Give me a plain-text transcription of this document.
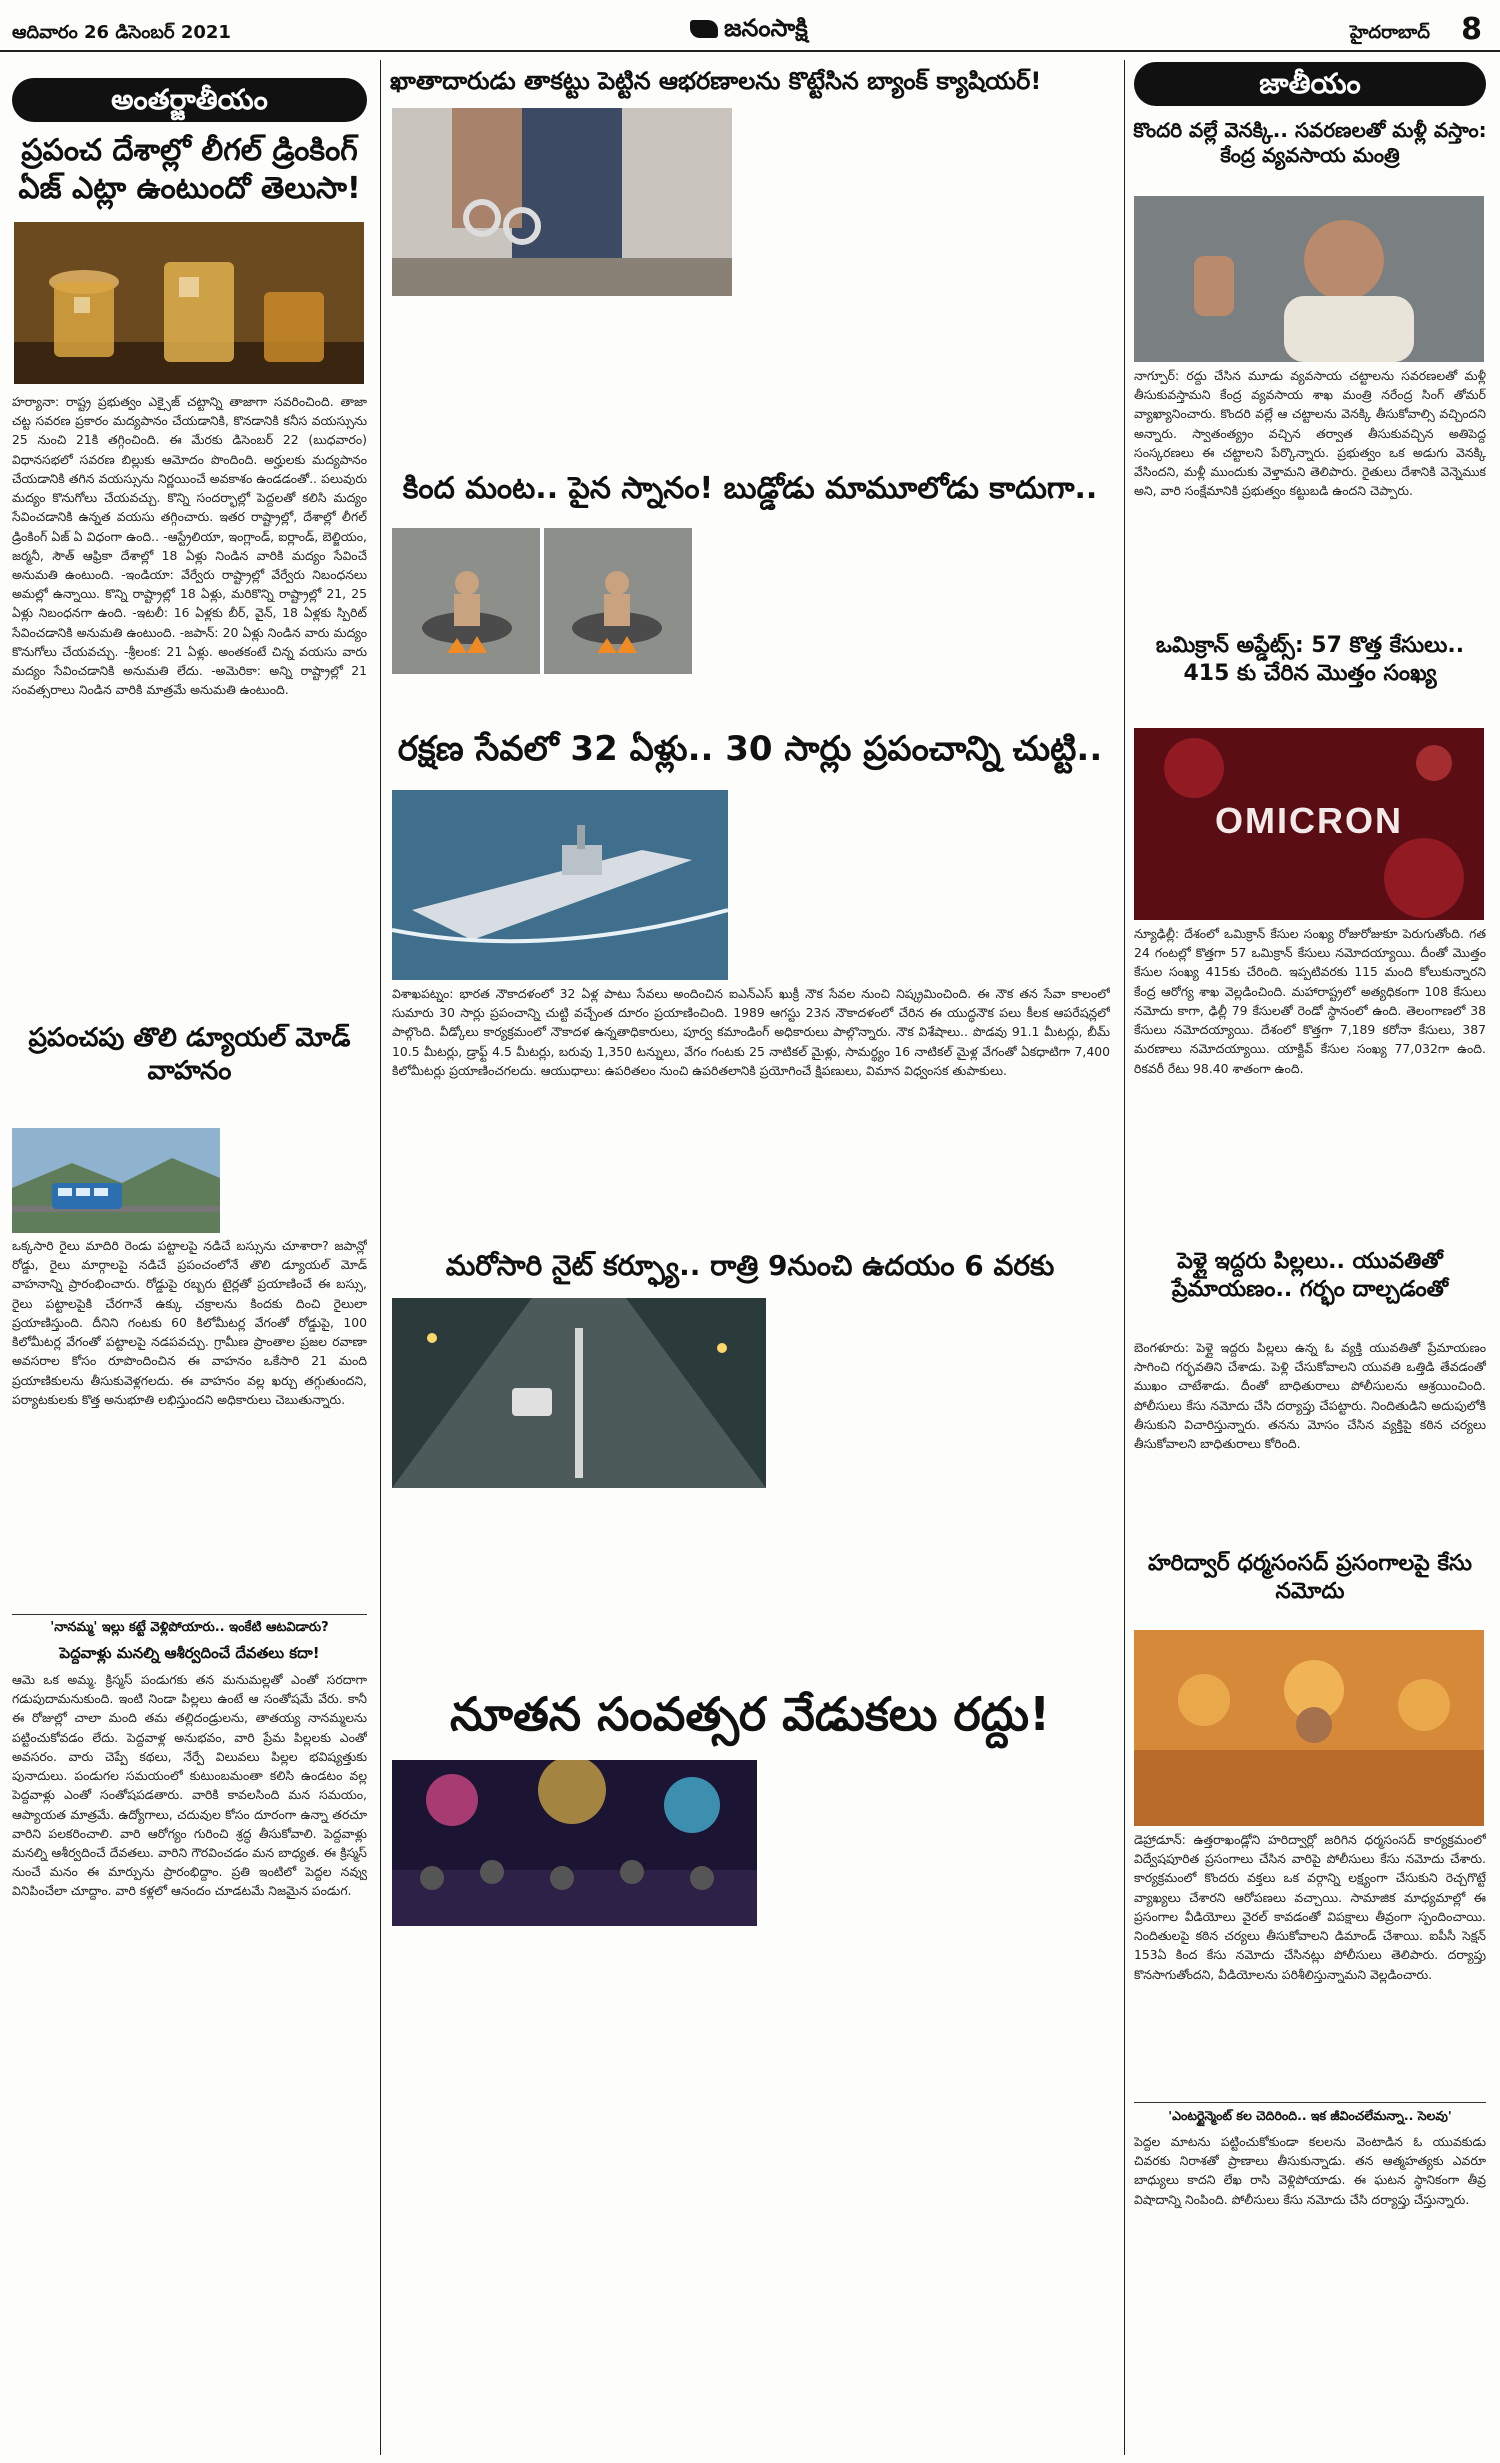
ఆదివారం 26 డిసెంబర్ 2021	జనంసాక్షి	హైదరాబాద్ 8
అంతర్జాతీయం
ప్రపంచ దేశాల్లో లీగల్ డ్రింకింగ్ ఏజ్ ఎట్లా ఉంటుందో తెలుసా!
హర్యానా: రాష్ట్ర ప్రభుత్వం ఎక్సైజ్ చట్టాన్ని తాజాగా సవరించింది. తాజా చట్ట సవరణ ప్రకారం మద్యపానం చేయడానికి, కొనడానికి కనీస వయస్సును 25 నుంచి 21కి తగ్గించింది. ఈ మేరకు డిసెంబర్ 22 (బుధవారం) విధానసభలో సవరణ బిల్లుకు ఆమోదం పొందింది. అర్హులకు మద్యపానం చేయడానికి తగిన వయస్సును నిర్ణయించే అవకాశం ఉండడంతో.. పలువురు మద్యం కొనుగోలు చేయవచ్చు. కొన్ని సందర్భాల్లో పెద్దలతో కలిసి మద్యం సేవించడానికి ఉన్నత వయసు తగ్గించారు. ఇతర రాష్ట్రాల్లో, దేశాల్లో లీగల్ డ్రింకింగ్ ఏజ్ ఏ విధంగా ఉంది.. -ఆస్ట్రేలియా, ఇంగ్లాండ్, ఐర్లాండ్, బెల్జియం, జర్మనీ, సౌత్ ఆఫ్రికా దేశాల్లో 18 ఏళ్లు నిండిన వారికి మద్యం సేవించే అనుమతి ఉంటుంది. -ఇండియా: వేర్వేరు రాష్ట్రాల్లో వేర్వేరు నిబంధనలు అమల్లో ఉన్నాయి. కొన్ని రాష్ట్రాల్లో 18 ఏళ్లు, మరికొన్ని రాష్ట్రాల్లో 21, 25 ఏళ్లు నిబంధనగా ఉంది. -ఇటలీ: 16 ఏళ్లకు బీర్, వైన్, 18 ఏళ్లకు స్పిరిట్ సేవించడానికి అనుమతి ఉంటుంది. -జపాన్: 20 ఏళ్లు నిండిన వారు మద్యం కొనుగోలు చేయవచ్చు. -శ్రీలంక: 21 ఏళ్లు. అంతకంటే చిన్న వయసు వారు మద్యం సేవించడానికి అనుమతి లేదు. -అమెరికా: అన్ని రాష్ట్రాల్లో 21 సంవత్సరాలు నిండిన వారికి మాత్రమే అనుమతి ఉంటుంది.
ప్రపంచపు తొలి డ్యూయల్ మోడ్ వాహనం
ఒక్కసారి రైలు మాదిరి రెండు పట్టాలపై నడిచే బస్సును చూశారా? జపాన్లో రోడ్డు, రైలు మార్గాలపై నడిచే ప్రపంచంలోనే తొలి డ్యూయల్ మోడ్ వాహనాన్ని ప్రారంభించారు. రోడ్డుపై రబ్బరు టైర్లతో ప్రయాణించే ఈ బస్సు, రైలు పట్టాలపైకి చేరగానే ఉక్కు చక్రాలను కిందకు దించి రైలులా ప్రయాణిస్తుంది. దీనిని గంటకు 60 కిలోమీటర్ల వేగంతో రోడ్డుపై, 100 కిలోమీటర్ల వేగంతో పట్టాలపై నడపవచ్చు. గ్రామీణ ప్రాంతాల ప్రజల రవాణా అవసరాల కోసం రూపొందించిన ఈ వాహనం ఒకేసారి 21 మంది ప్రయాణికులను తీసుకువెళ్లగలదు. ఈ వాహనం వల్ల ఖర్చు తగ్గుతుందని, పర్యాటకులకు కొత్త అనుభూతి లభిస్తుందని అధికారులు చెబుతున్నారు.
'నానమ్మ' ఇల్లు కట్టే వెళ్లిపోయారు.. ఇంకేటి ఆటవిడారు?
పెద్దవాళ్లు మనల్ని ఆశీర్వదించే దేవతలు కదా!
ఆమె ఒక అమ్మ. క్రిస్మస్ పండుగకు తన మనుమల్లతో ఎంతో సరదాగా గడుపుదామనుకుంది. ఇంటి నిండా పిల్లలు ఉంటే ఆ సంతోషమే వేరు. కానీ ఈ రోజుల్లో చాలా మంది తమ తల్లిదండ్రులను, తాతయ్య నానమ్మలను పట్టించుకోవడం లేదు. పెద్దవాళ్ల అనుభవం, వారి ప్రేమ పిల్లలకు ఎంతో అవసరం. వారు చెప్పే కథలు, నేర్పే విలువలు పిల్లల భవిష్యత్తుకు పునాదులు. పండుగల సమయంలో కుటుంబమంతా కలిసి ఉండటం వల్ల పెద్దవాళ్లు ఎంతో సంతోషపడతారు. వారికి కావలసింది మన సమయం, ఆప్యాయత మాత్రమే. ఉద్యోగాలు, చదువుల కోసం దూరంగా ఉన్నా తరచూ వారిని పలకరించాలి. వారి ఆరోగ్యం గురించి శ్రద్ధ తీసుకోవాలి. పెద్దవాళ్లు మనల్ని ఆశీర్వదించే దేవతలు. వారిని గౌరవించడం మన బాధ్యత. ఈ క్రిస్మస్ నుంచే మనం ఈ మార్పును ప్రారంభిద్దాం. ప్రతి ఇంటిలో పెద్దల నవ్వు వినిపించేలా చూద్దాం. వారి కళ్లలో ఆనందం చూడటమే నిజమైన పండుగ.
ఖాతాదారుడు తాకట్టు పెట్టిన ఆభరణాలను కొట్టేసిన బ్యాంక్ క్యాషియర్!
కింద మంట.. పైన స్నానం! బుడ్డోడు మామూలోడు కాదుగా..
రక్షణ సేవలో 32 ఏళ్లు.. 30 సార్లు ప్రపంచాన్ని చుట్టి..
విశాఖపట్నం: భారత నౌకాదళంలో 32 ఏళ్ల పాటు సేవలు అందించిన ఐఎన్ఎస్ ఖుక్రీ నౌక సేవల నుంచి నిష్క్రమించింది. ఈ నౌక తన సేవా కాలంలో సుమారు 30 సార్లు ప్రపంచాన్ని చుట్టి వచ్చేంత దూరం ప్రయాణించింది. 1989 ఆగస్టు 23న నౌకాదళంలో చేరిన ఈ యుద్ధనౌక పలు కీలక ఆపరేషన్లలో పాల్గొంది. వీడ్కోలు కార్యక్రమంలో నౌకాదళ ఉన్నతాధికారులు, పూర్వ కమాండింగ్ అధికారులు పాల్గొన్నారు. నౌక విశేషాలు.. పొడవు 91.1 మీటర్లు, బీమ్ 10.5 మీటర్లు, డ్రాఫ్ట్ 4.5 మీటర్లు, బరువు 1,350 టన్నులు, వేగం గంటకు 25 నాటికల్ మైళ్లు, సామర్థ్యం 16 నాటికల్ మైళ్ల వేగంతో ఏకధాటిగా 7,400 కిలోమీటర్లు ప్రయాణించగలదు. ఆయుధాలు: ఉపరితలం నుంచి ఉపరితలానికి ప్రయోగించే క్షిపణులు, విమాన విధ్వంసక తుపాకులు.
మరోసారి నైట్ కర్ఫ్యూ.. రాత్రి 9నుంచి ఉదయం 6 వరకు
నూతన సంవత్సర వేడుకలు రద్దు!
జాతీయం
కొందరి వల్లే వెనక్కి.. సవరణలతో మళ్లీ వస్తాం: కేంద్ర వ్యవసాయ మంత్రి
నాగ్పూర్: రద్దు చేసిన మూడు వ్యవసాయ చట్టాలను సవరణలతో మళ్లీ తీసుకువస్తామని కేంద్ర వ్యవసాయ శాఖ మంత్రి నరేంద్ర సింగ్ తోమర్ వ్యాఖ్యానించారు. కొందరి వల్లే ఆ చట్టాలను వెనక్కి తీసుకోవాల్సి వచ్చిందని అన్నారు. స్వాతంత్య్రం వచ్చిన తర్వాత తీసుకువచ్చిన అతిపెద్ద సంస్కరణలు ఈ చట్టాలని పేర్కొన్నారు. ప్రభుత్వం ఒక అడుగు వెనక్కి వేసిందని, మళ్లీ ముందుకు వెళ్తామని తెలిపారు. రైతులు దేశానికి వెన్నెముక అని, వారి సంక్షేమానికి ప్రభుత్వం కట్టుబడి ఉందని చెప్పారు.
ఒమిక్రాన్ అప్డేట్స్: 57 కొత్త కేసులు.. 415 కు చేరిన మొత్తం సంఖ్య
OMICRON
న్యూఢిల్లీ: దేశంలో ఒమిక్రాన్ కేసుల సంఖ్య రోజురోజుకూ పెరుగుతోంది. గత 24 గంటల్లో కొత్తగా 57 ఒమిక్రాన్ కేసులు నమోదయ్యాయి. దీంతో మొత్తం కేసుల సంఖ్య 415కు చేరింది. ఇప్పటివరకు 115 మంది కోలుకున్నారని కేంద్ర ఆరోగ్య శాఖ వెల్లడించింది. మహారాష్ట్రలో అత్యధికంగా 108 కేసులు నమోదు కాగా, ఢిల్లీ 79 కేసులతో రెండో స్థానంలో ఉంది. తెలంగాణలో 38 కేసులు నమోదయ్యాయి. దేశంలో కొత్తగా 7,189 కరోనా కేసులు, 387 మరణాలు నమోదయ్యాయి. యాక్టివ్ కేసుల సంఖ్య 77,032గా ఉంది. రికవరీ రేటు 98.40 శాతంగా ఉంది.
పెళ్లై ఇద్దరు పిల్లలు.. యువతితో ప్రేమాయణం.. గర్భం దాల్చడంతో
బెంగళూరు: పెళ్లై ఇద్దరు పిల్లలు ఉన్న ఓ వ్యక్తి యువతితో ప్రేమాయణం సాగించి గర్భవతిని చేశాడు. పెళ్లి చేసుకోవాలని యువతి ఒత్తిడి తేవడంతో ముఖం చాటేశాడు. దీంతో బాధితురాలు పోలీసులను ఆశ్రయించింది. పోలీసులు కేసు నమోదు చేసి దర్యాప్తు చేపట్టారు. నిందితుడిని అదుపులోకి తీసుకుని విచారిస్తున్నారు. తనను మోసం చేసిన వ్యక్తిపై కఠిన చర్యలు తీసుకోవాలని బాధితురాలు కోరింది.
హరిద్వార్ ధర్మసంసద్ ప్రసంగాలపై కేసు నమోదు
డెహ్రాడూన్: ఉత్తరాఖండ్లోని హరిద్వార్లో జరిగిన ధర్మసంసద్ కార్యక్రమంలో విద్వేషపూరిత ప్రసంగాలు చేసిన వారిపై పోలీసులు కేసు నమోదు చేశారు. కార్యక్రమంలో కొందరు వక్తలు ఒక వర్గాన్ని లక్ష్యంగా చేసుకుని రెచ్చగొట్టే వ్యాఖ్యలు చేశారని ఆరోపణలు వచ్చాయి. సామాజిక మాధ్యమాల్లో ఈ ప్రసంగాల వీడియోలు వైరల్ కావడంతో విపక్షాలు తీవ్రంగా స్పందించాయి. నిందితులపై కఠిన చర్యలు తీసుకోవాలని డిమాండ్ చేశాయి. ఐపీసీ సెక్షన్ 153ఏ కింద కేసు నమోదు చేసినట్లు పోలీసులు తెలిపారు. దర్యాప్తు కొనసాగుతోందని, వీడియోలను పరిశీలిస్తున్నామని వెల్లడించారు.
'ఎంటర్టైన్మెంట్ కల చెదిరింది.. ఇక జీవించలేమన్నా.. సెలవు'
పెద్దల మాటను పట్టించుకోకుండా కలలను వెంటాడిన ఓ యువకుడు చివరకు నిరాశతో ప్రాణాలు తీసుకున్నాడు. తన ఆత్మహత్యకు ఎవరూ బాధ్యులు కాదని లేఖ రాసి వెళ్లిపోయాడు. ఈ ఘటన స్థానికంగా తీవ్ర విషాదాన్ని నింపింది. పోలీసులు కేసు నమోదు చేసి దర్యాప్తు చేస్తున్నారు.
